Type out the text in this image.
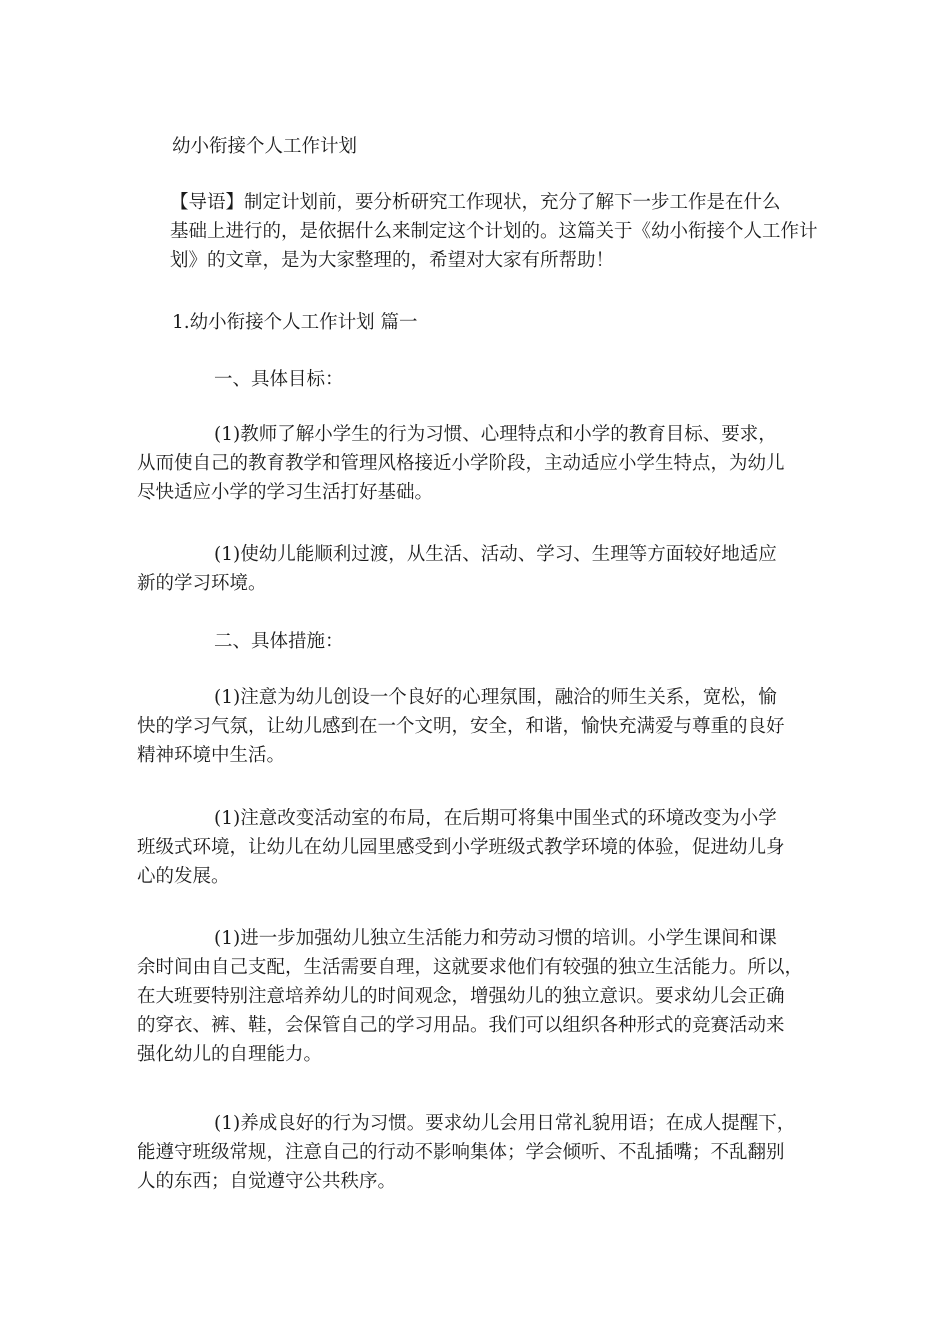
幼小衔接个人工作计划

【导语】制定计划前，要分析研究工作现状，充分了解下一步工作是在什么
基础上进行的，是依据什么来制定这个计划的。这篇关于《幼小衔接个人工作计
划》的文章，是为大家整理的，希望对大家有所帮助！

1.幼小衔接个人工作计划 篇一

一、具体目标：

(1)教师了解小学生的行为习惯、心理特点和小学的教育目标、要求，
从而使自己的教育教学和管理风格接近小学阶段，主动适应小学生特点，为幼儿
尽快适应小学的学习生活打好基础。

(1)使幼儿能顺利过渡，从生活、活动、学习、生理等方面较好地适应
新的学习环境。

二、具体措施：

(1)注意为幼儿创设一个良好的心理氛围，融洽的师生关系，宽松，愉
快的学习气氛，让幼儿感到在一个文明，安全，和谐，愉快充满爱与尊重的良好
精神环境中生活。

(1)注意改变活动室的布局，在后期可将集中围坐式的环境改变为小学
班级式环境，让幼儿在幼儿园里感受到小学班级式教学环境的体验，促进幼儿身
心的发展。

(1)进一步加强幼儿独立生活能力和劳动习惯的培训。小学生课间和课
余时间由自己支配，生活需要自理，这就要求他们有较强的独立生活能力。所以，
在大班要特别注意培养幼儿的时间观念，增强幼儿的独立意识。要求幼儿会正确
的穿衣、裤、鞋，会保管自己的学习用品。我们可以组织各种形式的竞赛活动来
强化幼儿的自理能力。

(1)养成良好的行为习惯。要求幼儿会用日常礼貌用语；在成人提醒下，
能遵守班级常规，注意自己的行动不影响集体；学会倾听、不乱插嘴；不乱翻别
人的东西；自觉遵守公共秩序。
